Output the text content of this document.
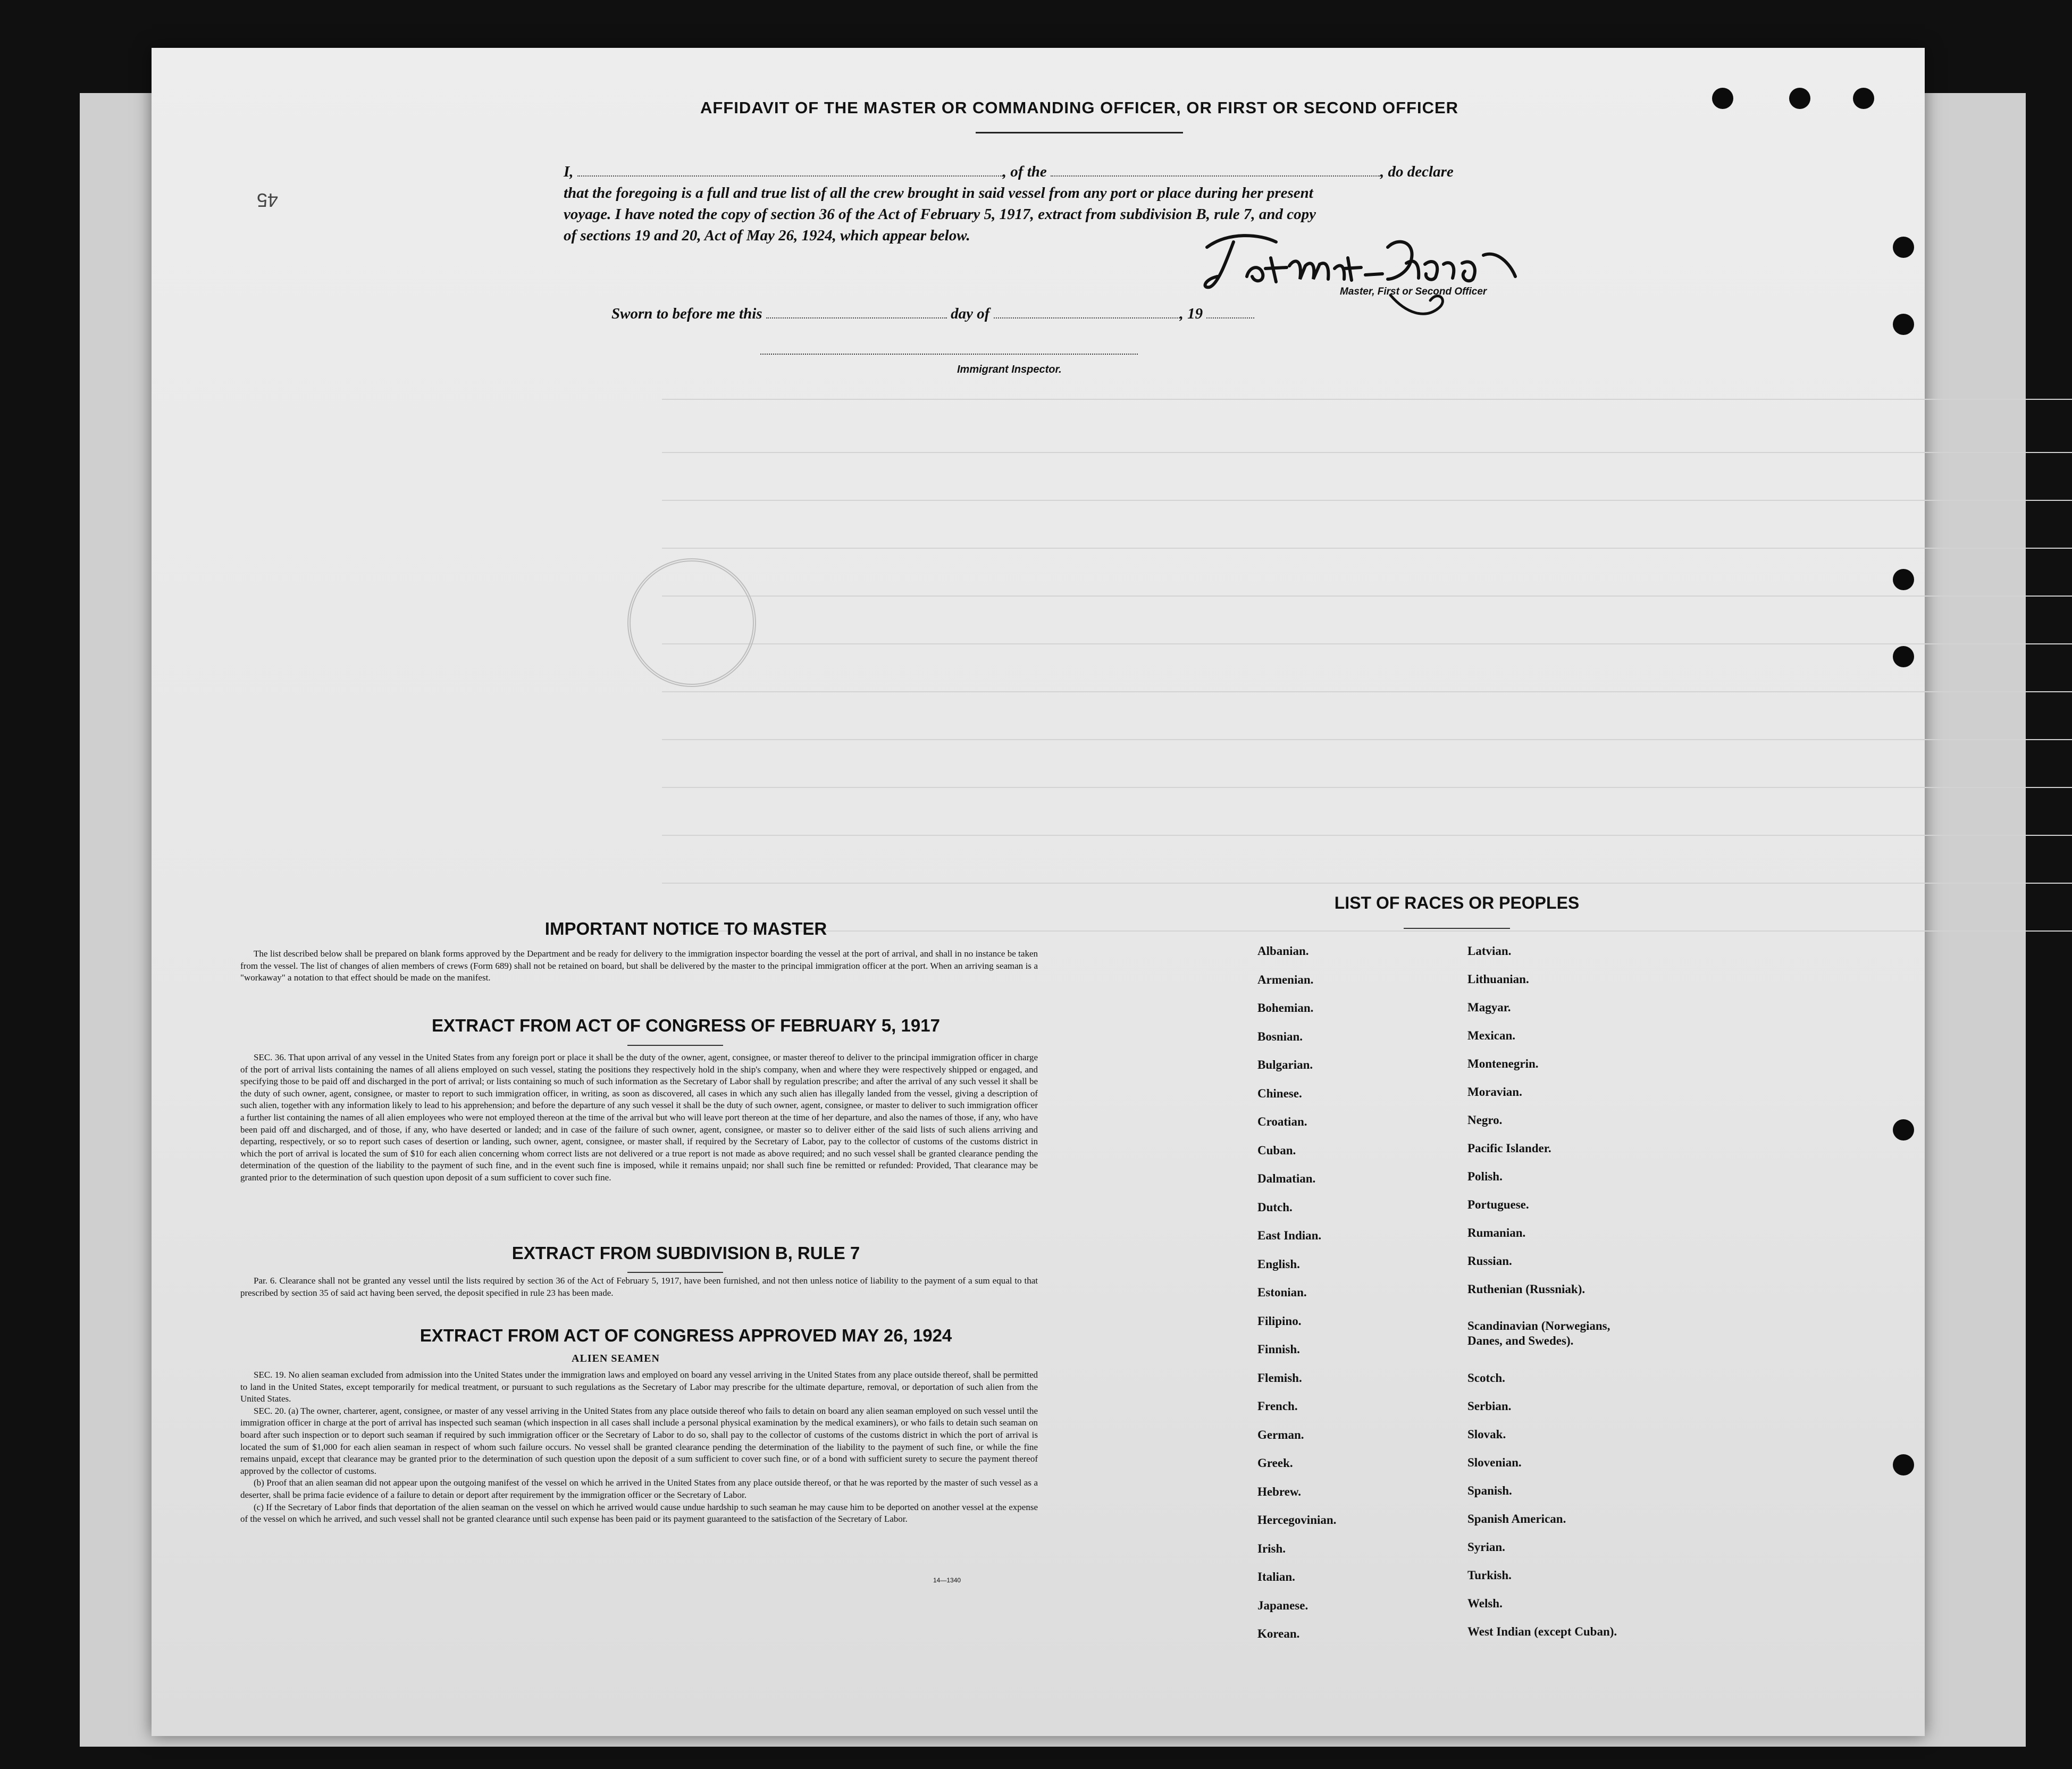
45
AFFIDAVIT OF THE MASTER OR COMMANDING OFFICER, OR FIRST OR SECOND OFFICER
I,	, of the	, do declare
that the foregoing is a full and true list of all the crew brought in said vessel from any port or place during her present
voyage. I have noted the copy of section 36 of the Act of February 5, 1917, extract from subdivision B, rule 7, and copy
of sections 19 and 20, Act of May 26, 1924, which appear below.
Master, First or Second Officer
Sworn to before me this	day of	, 19
Immigrant Inspector.
IMPORTANT NOTICE TO MASTER

The list described below shall be prepared on blank forms approved by the Department and be ready for delivery to the immigration inspector boarding the vessel at the port of arrival, and shall in no instance be taken from the vessel. The list of changes of alien members of crews (Form 689) shall not be retained on board, but shall be delivered by the master to the principal immigration officer at the port. When an arriving seaman is a "workaway" a notation to that effect should be made on the manifest.

EXTRACT FROM ACT OF CONGRESS OF FEBRUARY 5, 1917

SEC. 36. That upon arrival of any vessel in the United States from any foreign port or place it shall be the duty of the owner, agent, consignee, or master thereof to deliver to the principal immigration officer in charge of the port of arrival lists containing the names of all aliens employed on such vessel, stating the positions they respectively hold in the ship's company, when and where they were respectively shipped or engaged, and specifying those to be paid off and discharged in the port of arrival; or lists containing so much of such information as the Secretary of Labor shall by regulation prescribe; and after the arrival of any such vessel it shall be the duty of such owner, agent, consignee, or master to report to such immigration officer, in writing, as soon as discovered, all cases in which any such alien has illegally landed from the vessel, giving a description of such alien, together with any information likely to lead to his apprehension; and before the departure of any such vessel it shall be the duty of such owner, agent, consignee, or master to deliver to such immigration officer a further list containing the names of all alien employees who were not employed thereon at the time of the arrival but who will leave port thereon at the time of her departure, and also the names of those, if any, who have been paid off and discharged, and of those, if any, who have deserted or landed; and in case of the failure of such owner, agent, consignee, or master so to deliver either of the said lists of such aliens arriving and departing, respectively, or so to report such cases of desertion or landing, such owner, agent, consignee, or master shall, if required by the Secretary of Labor, pay to the collector of customs of the customs district in which the port of arrival is located the sum of $10 for each alien concerning whom correct lists are not delivered or a true report is not made as above required; and no such vessel shall be granted clearance pending the determination of the question of the liability to the payment of such fine, and in the event such fine is imposed, while it remains unpaid; nor shall such fine be remitted or refunded: Provided, That clearance may be granted prior to the determination of such question upon deposit of a sum sufficient to cover such fine.

EXTRACT FROM SUBDIVISION B, RULE 7

Par. 6. Clearance shall not be granted any vessel until the lists required by section 36 of the Act of February 5, 1917, have been furnished, and not then unless notice of liability to the payment of a sum equal to that prescribed by section 35 of said act having been served, the deposit specified in rule 23 has been made.

EXTRACT FROM ACT OF CONGRESS APPROVED MAY 26, 1924
ALIEN SEAMEN

SEC. 19. No alien seaman excluded from admission into the United States under the immigration laws and employed on board any vessel arriving in the United States from any place outside thereof, shall be permitted to land in the United States, except temporarily for medical treatment, or pursuant to such regulations as the Secretary of Labor may prescribe for the ultimate departure, removal, or deportation of such alien from the United States.

SEC. 20. (a) The owner, charterer, agent, consignee, or master of any vessel arriving in the United States from any place outside thereof who fails to detain on board any alien seaman employed on such vessel until the immigration officer in charge at the port of arrival has inspected such seaman (which inspection in all cases shall include a personal physical examination by the medical examiners), or who fails to detain such seaman on board after such inspection or to deport such seaman if required by such immigration officer or the Secretary of Labor to do so, shall pay to the collector of customs of the customs district in which the port of arrival is located the sum of $1,000 for each alien seaman in respect of whom such failure occurs. No vessel shall be granted clearance pending the determination of the liability to the payment of such fine, or while the fine remains unpaid, except that clearance may be granted prior to the determination of such question upon the deposit of a sum sufficient to cover such fine, or of a bond with sufficient surety to secure the payment thereof approved by the collector of customs.

(b) Proof that an alien seaman did not appear upon the outgoing manifest of the vessel on which he arrived in the United States from any place outside thereof, or that he was reported by the master of such vessel as a deserter, shall be prima facie evidence of a failure to detain or deport after requirement by the immigration officer or the Secretary of Labor.

(c) If the Secretary of Labor finds that deportation of the alien seaman on the vessel on which he arrived would cause undue hardship to such seaman he may cause him to be deported on another vessel at the expense of the vessel on which he arrived, and such vessel shall not be granted clearance until such expense has been paid or its payment guaranteed to the satisfaction of the Secretary of Labor.

14—1340
LIST OF RACES OR PEOPLES
Albanian.
Armenian.
Bohemian.
Bosnian.
Bulgarian.
Chinese.
Croatian.
Cuban.
Dalmatian.
Dutch.
East Indian.
English.
Estonian.
Filipino.
Finnish.
Flemish.
French.
German.
Greek.
Hebrew.
Hercegovinian.
Irish.
Italian.
Japanese.
Korean.
Latvian.
Lithuanian.
Magyar.
Mexican.
Montenegrin.
Moravian.
Negro.
Pacific Islander.
Polish.
Portuguese.
Rumanian.
Russian.
Ruthenian (Russniak).
Scandinavian (Norwegians,
Danes, and Swedes).
Scotch.
Serbian.
Slovak.
Slovenian.
Spanish.
Spanish American.
Syrian.
Turkish.
Welsh.
West Indian (except Cuban).
